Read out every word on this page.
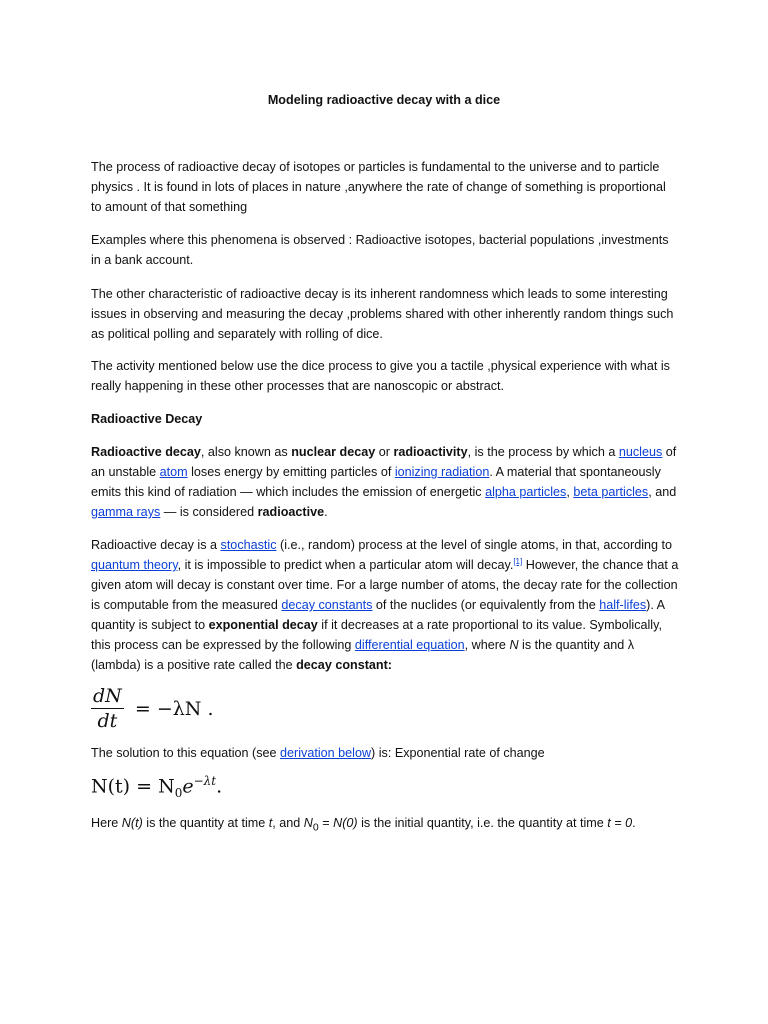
Modeling radioactive decay with a dice

The process of radioactive decay of isotopes or particles is fundamental to the universe and to particle physics . It is found in lots of places in nature ,anywhere the rate of change of something is proportional to amount of that something

Examples where this phenomena is observed : Radioactive isotopes, bacterial populations ,investments in a bank account.

The other characteristic of radioactive decay is its inherent randomness which leads to some interesting issues in observing and measuring the decay ,problems shared with other inherently random things such as political polling and separately with rolling of dice.

The activity mentioned below use the dice process to give you a tactile ,physical experience with what is really happening in these other processes that are nanoscopic or abstract.

Radioactive Decay

Radioactive decay, also known as nuclear decay or radioactivity, is the process by which a nucleus of an unstable atom loses energy by emitting particles of ionizing radiation. A material that spontaneously emits this kind of radiation — which includes the emission of energetic alpha particles, beta particles, and gamma rays — is considered radioactive.

Radioactive decay is a stochastic (i.e., random) process at the level of single atoms, in that, according to quantum theory, it is impossible to predict when a particular atom will decay.[1] However, the chance that a given atom will decay is constant over time. For a large number of atoms, the decay rate for the collection is computable from the measured decay constants of the nuclides (or equivalently from the half-lifes). A quantity is subject to exponential decay if it decreases at a rate proportional to its value. Symbolically, this process can be expressed by the following differential equation, where N is the quantity and λ (lambda) is a positive rate called the decay constant:

$\frac{dN}{dt} = -\lambda N$ .

The solution to this equation (see derivation below) is: Exponential rate of change

$N(t) = N_0e^{-\lambda t}$.

Here N(t) is the quantity at time t, and $N_0 = N(0)$ is the initial quantity, i.e. the quantity at time t = 0.
